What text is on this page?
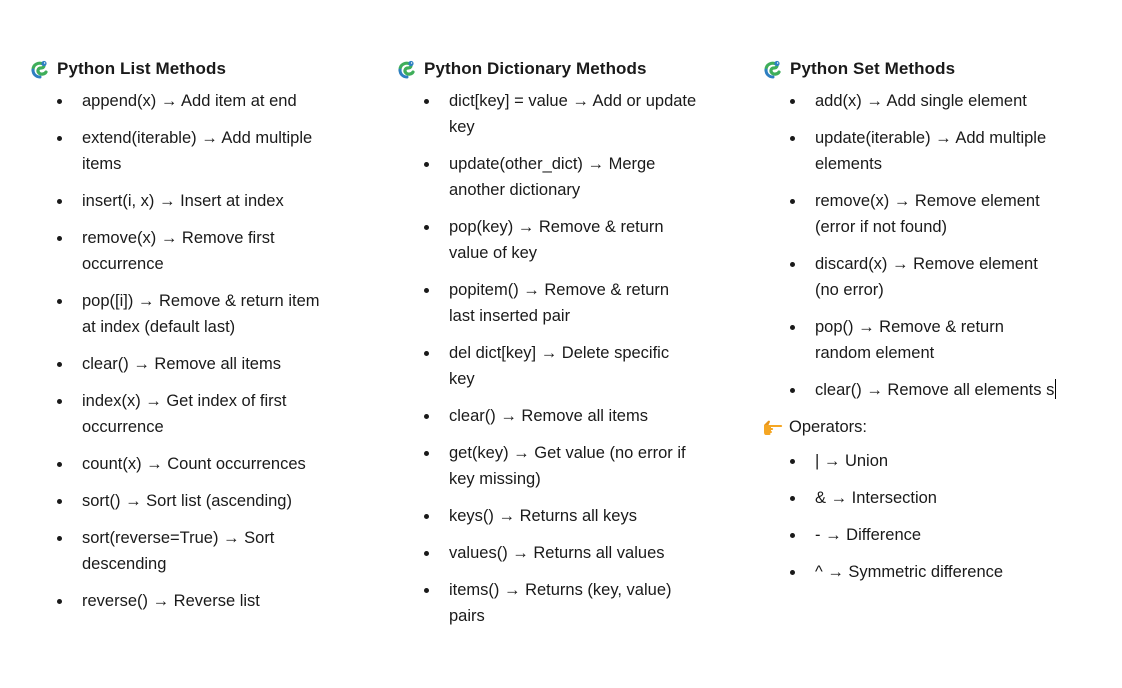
Python List Methods
append(x) → Add item at end
extend(iterable) → Add multiple items
insert(i, x) → Insert at index
remove(x) → Remove first occurrence
pop([i]) → Remove & return item at index (default last)
clear() → Remove all items
index(x) → Get index of first occurrence
count(x) → Count occurrences
sort() → Sort list (ascending)
sort(reverse=True) → Sort descending
reverse() → Reverse list
Python Dictionary Methods
dict[key] = value → Add or update key
update(other_dict) → Merge another dictionary
pop(key) → Remove & return value of key
popitem() → Remove & return last inserted pair
del dict[key] → Delete specific key
clear() → Remove all items
get(key) → Get value (no error if key missing)
keys() → Returns all keys
values() → Returns all values
items() → Returns (key, value) pairs
Python Set Methods
add(x) → Add single element
update(iterable) → Add multiple elements
remove(x) → Remove element (error if not found)
discard(x) → Remove element (no error)
pop() → Remove & return random element
clear() → Remove all elements s
Operators:
| → Union
& → Intersection
- → Difference
^ → Symmetric difference
